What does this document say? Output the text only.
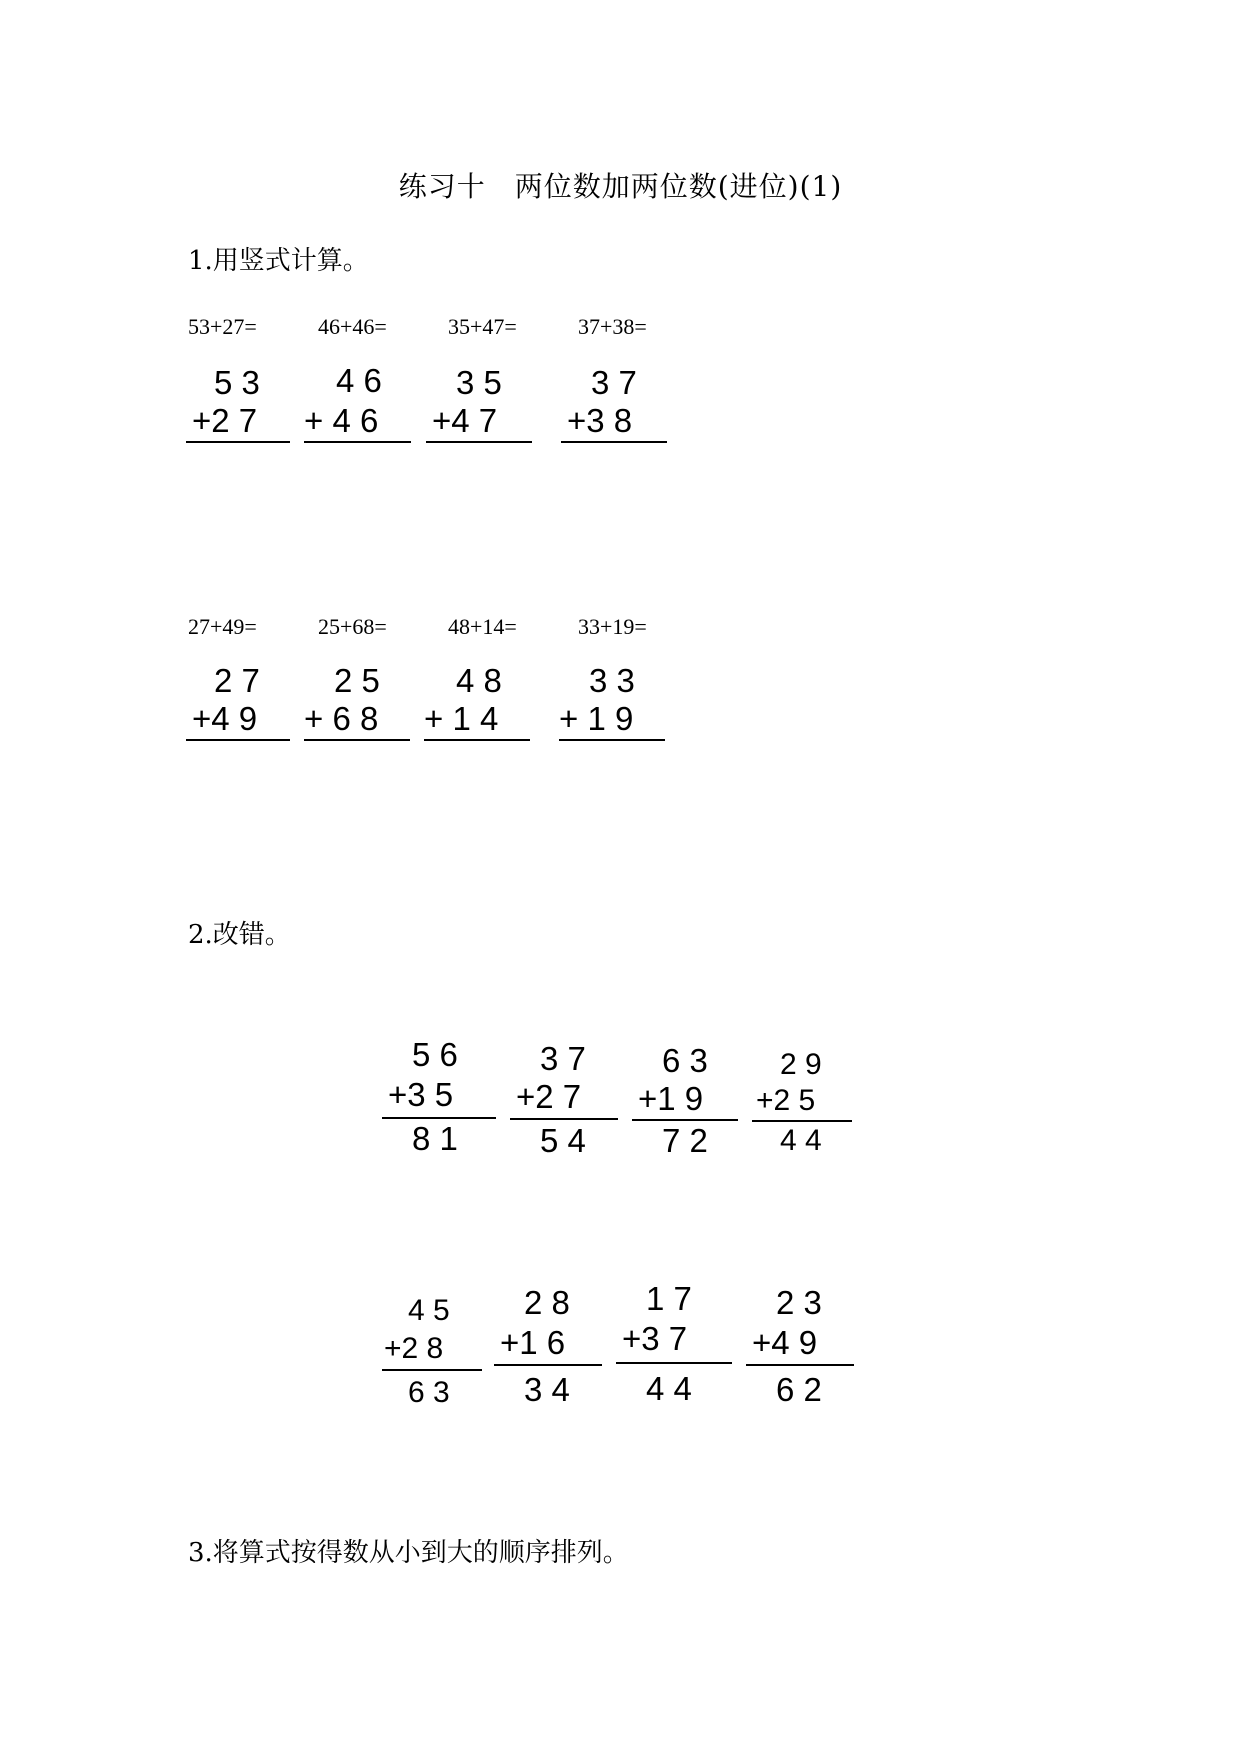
练习十　两位数加两位数(进位)(1)
1.用竖式计算。
53+27=	46+46=	35+47=	37+38=
5 3
+2 7
4 6
+ 4 6
3 5
+4 7
3 7
+3 8
27+49=	25+68=	48+14=	33+19=
2 7
+4 9
2 5
+ 6 8
4 8
+ 1 4
3 3
+ 1 9
2.改错。
5 6
+3 5
8 1
3 7
+2 7
5 4
6 3
+1 9
7 2
2 9
+2 5
4 4
4 5
+2 8
6 3
2 8
+1 6
3 4
1 7
+3 7
4 4
2 3
+4 9
6 2
3.将算式按得数从小到大的顺序排列。
